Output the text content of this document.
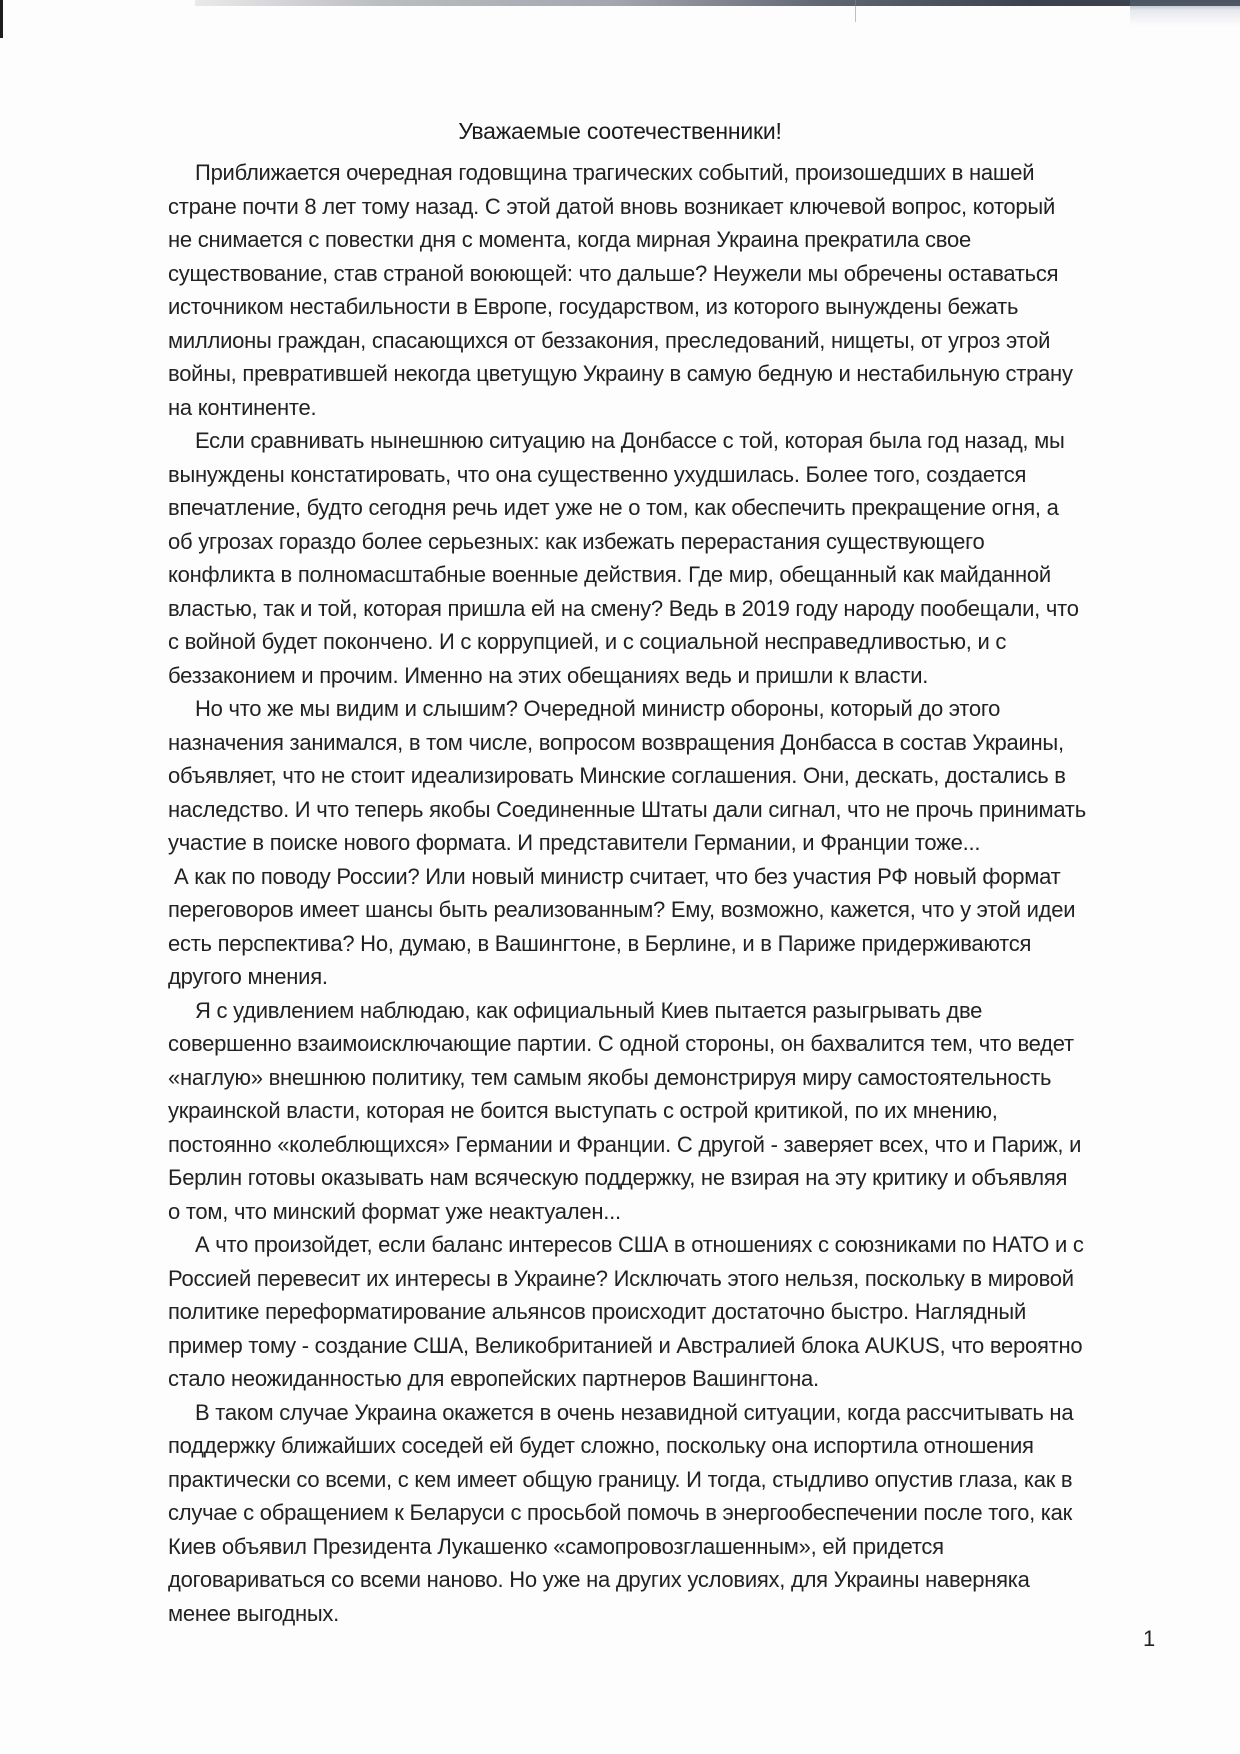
Уважаемые соотечественники!
Приближается очередная годовщина трагических событий, произошедших в нашей
стране почти 8 лет тому назад. С этой датой вновь возникает ключевой вопрос, который
не снимается с повестки дня с момента, когда мирная Украина прекратила свое
существование, став страной воюющей: что дальше? Неужели мы обречены оставаться
источником нестабильности в Европе, государством, из которого вынуждены бежать
миллионы граждан, спасающихся от беззакония, преследований, нищеты, от угроз этой
войны, превратившей некогда цветущую Украину в самую бедную и нестабильную страну
на континенте.
Если сравнивать нынешнюю ситуацию на Донбассе с той, которая была год назад, мы
вынуждены констатировать, что она существенно ухудшилась. Более того, создается
впечатление, будто сегодня речь идет уже не о том, как обеспечить прекращение огня, а
об угрозах гораздо более серьезных: как избежать перерастания существующего
конфликта в полномасштабные военные действия. Где мир, обещанный как майданной
властью, так и той, которая пришла ей на смену? Ведь в 2019 году народу пообещали, что
с войной будет покончено. И с коррупцией, и с социальной несправедливостью, и с
беззаконием и прочим. Именно на этих обещаниях ведь и пришли к власти.
Но что же мы видим и слышим? Очередной министр обороны, который до этого
назначения занимался, в том числе, вопросом возвращения Донбасса в состав Украины,
объявляет, что не стоит идеализировать Минские соглашения. Они, дескать, достались в
наследство. И что теперь якобы Соединенные Штаты дали сигнал, что не прочь принимать
участие в поиске нового формата. И представители Германии, и Франции тоже...
А как по поводу России? Или новый министр считает, что без участия РФ новый формат
переговоров имеет шансы быть реализованным? Ему, возможно, кажется, что у этой идеи
есть перспектива? Но, думаю, в Вашингтоне, в Берлине, и в Париже придерживаются
другого мнения.
Я с удивлением наблюдаю, как официальный Киев пытается разыгрывать две
совершенно взаимоисключающие партии. С одной стороны, он бахвалится тем, что ведет
«наглую» внешнюю политику, тем самым якобы демонстрируя миру самостоятельность
украинской власти, которая не боится выступать с острой критикой, по их мнению,
постоянно «колеблющихся» Германии и Франции. С другой - заверяет всех, что и Париж, и
Берлин готовы оказывать нам всяческую поддержку, не взирая на эту критику и объявляя
о том, что минский формат уже неактуален...
А что произойдет, если баланс интересов США в отношениях с союзниками по НАТО и с
Россией перевесит их интересы в Украине? Исключать этого нельзя, поскольку в мировой
политике переформатирование альянсов происходит достаточно быстро. Наглядный
пример тому - создание США, Великобританией и Австралией блока AUKUS, что вероятно
стало неожиданностью для европейских партнеров Вашингтона.
В таком случае Украина окажется в очень незавидной ситуации, когда рассчитывать на
поддержку ближайших соседей ей будет сложно, поскольку она испортила отношения
практически со всеми, с кем имеет общую границу. И тогда, стыдливо опустив глаза, как в
случае с обращением к Беларуси с просьбой помочь в энергообеспечении после того, как
Киев объявил Президента Лукашенко «самопровозглашенным», ей придется
договариваться со всеми наново. Но уже на других условиях, для Украины наверняка
менее выгодных.
1
